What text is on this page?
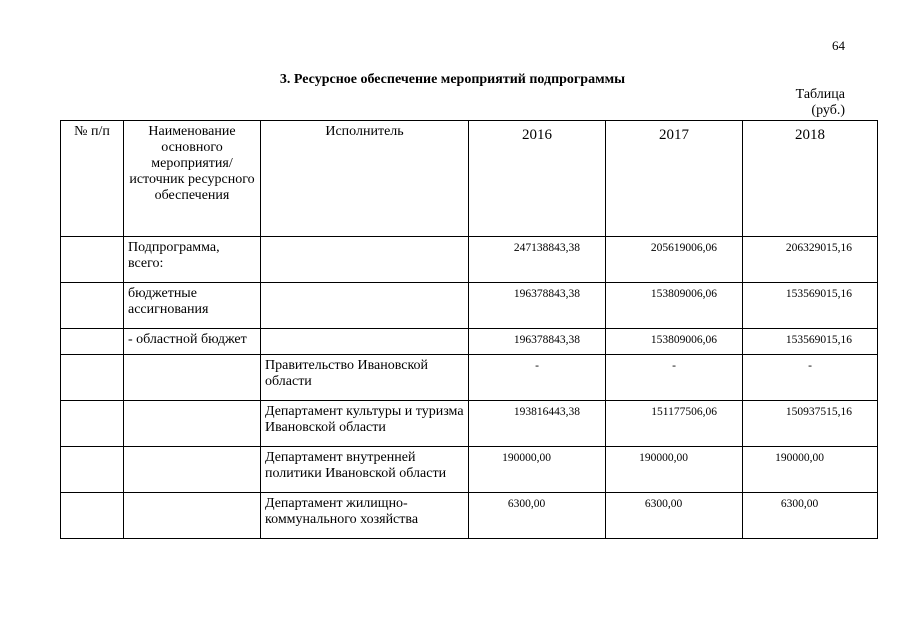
64
3. Ресурсное обеспечение мероприятий подпрограммы
Таблица
(руб.)
№ п/п	Наименование основного мероприятия/ источник ресурсного обеспечения	Исполнитель	2016	2017	2018
	Подпрограмма, всего:		247138843,38	205619006,06	206329015,16
	бюджетные ассигнования		196378843,38	153809006,06	153569015,16
	- областной бюджет		196378843,38	153809006,06	153569015,16
		Правительство Ивановской области	-	-	-
		Департамент культуры и туризма Ивановской области	193816443,38	151177506,06	150937515,16
		Департамент внутренней политики Ивановской области	190000,00	190000,00	190000,00
		Департамент жилищно-коммунального хозяйства	6300,00	6300,00	6300,00
